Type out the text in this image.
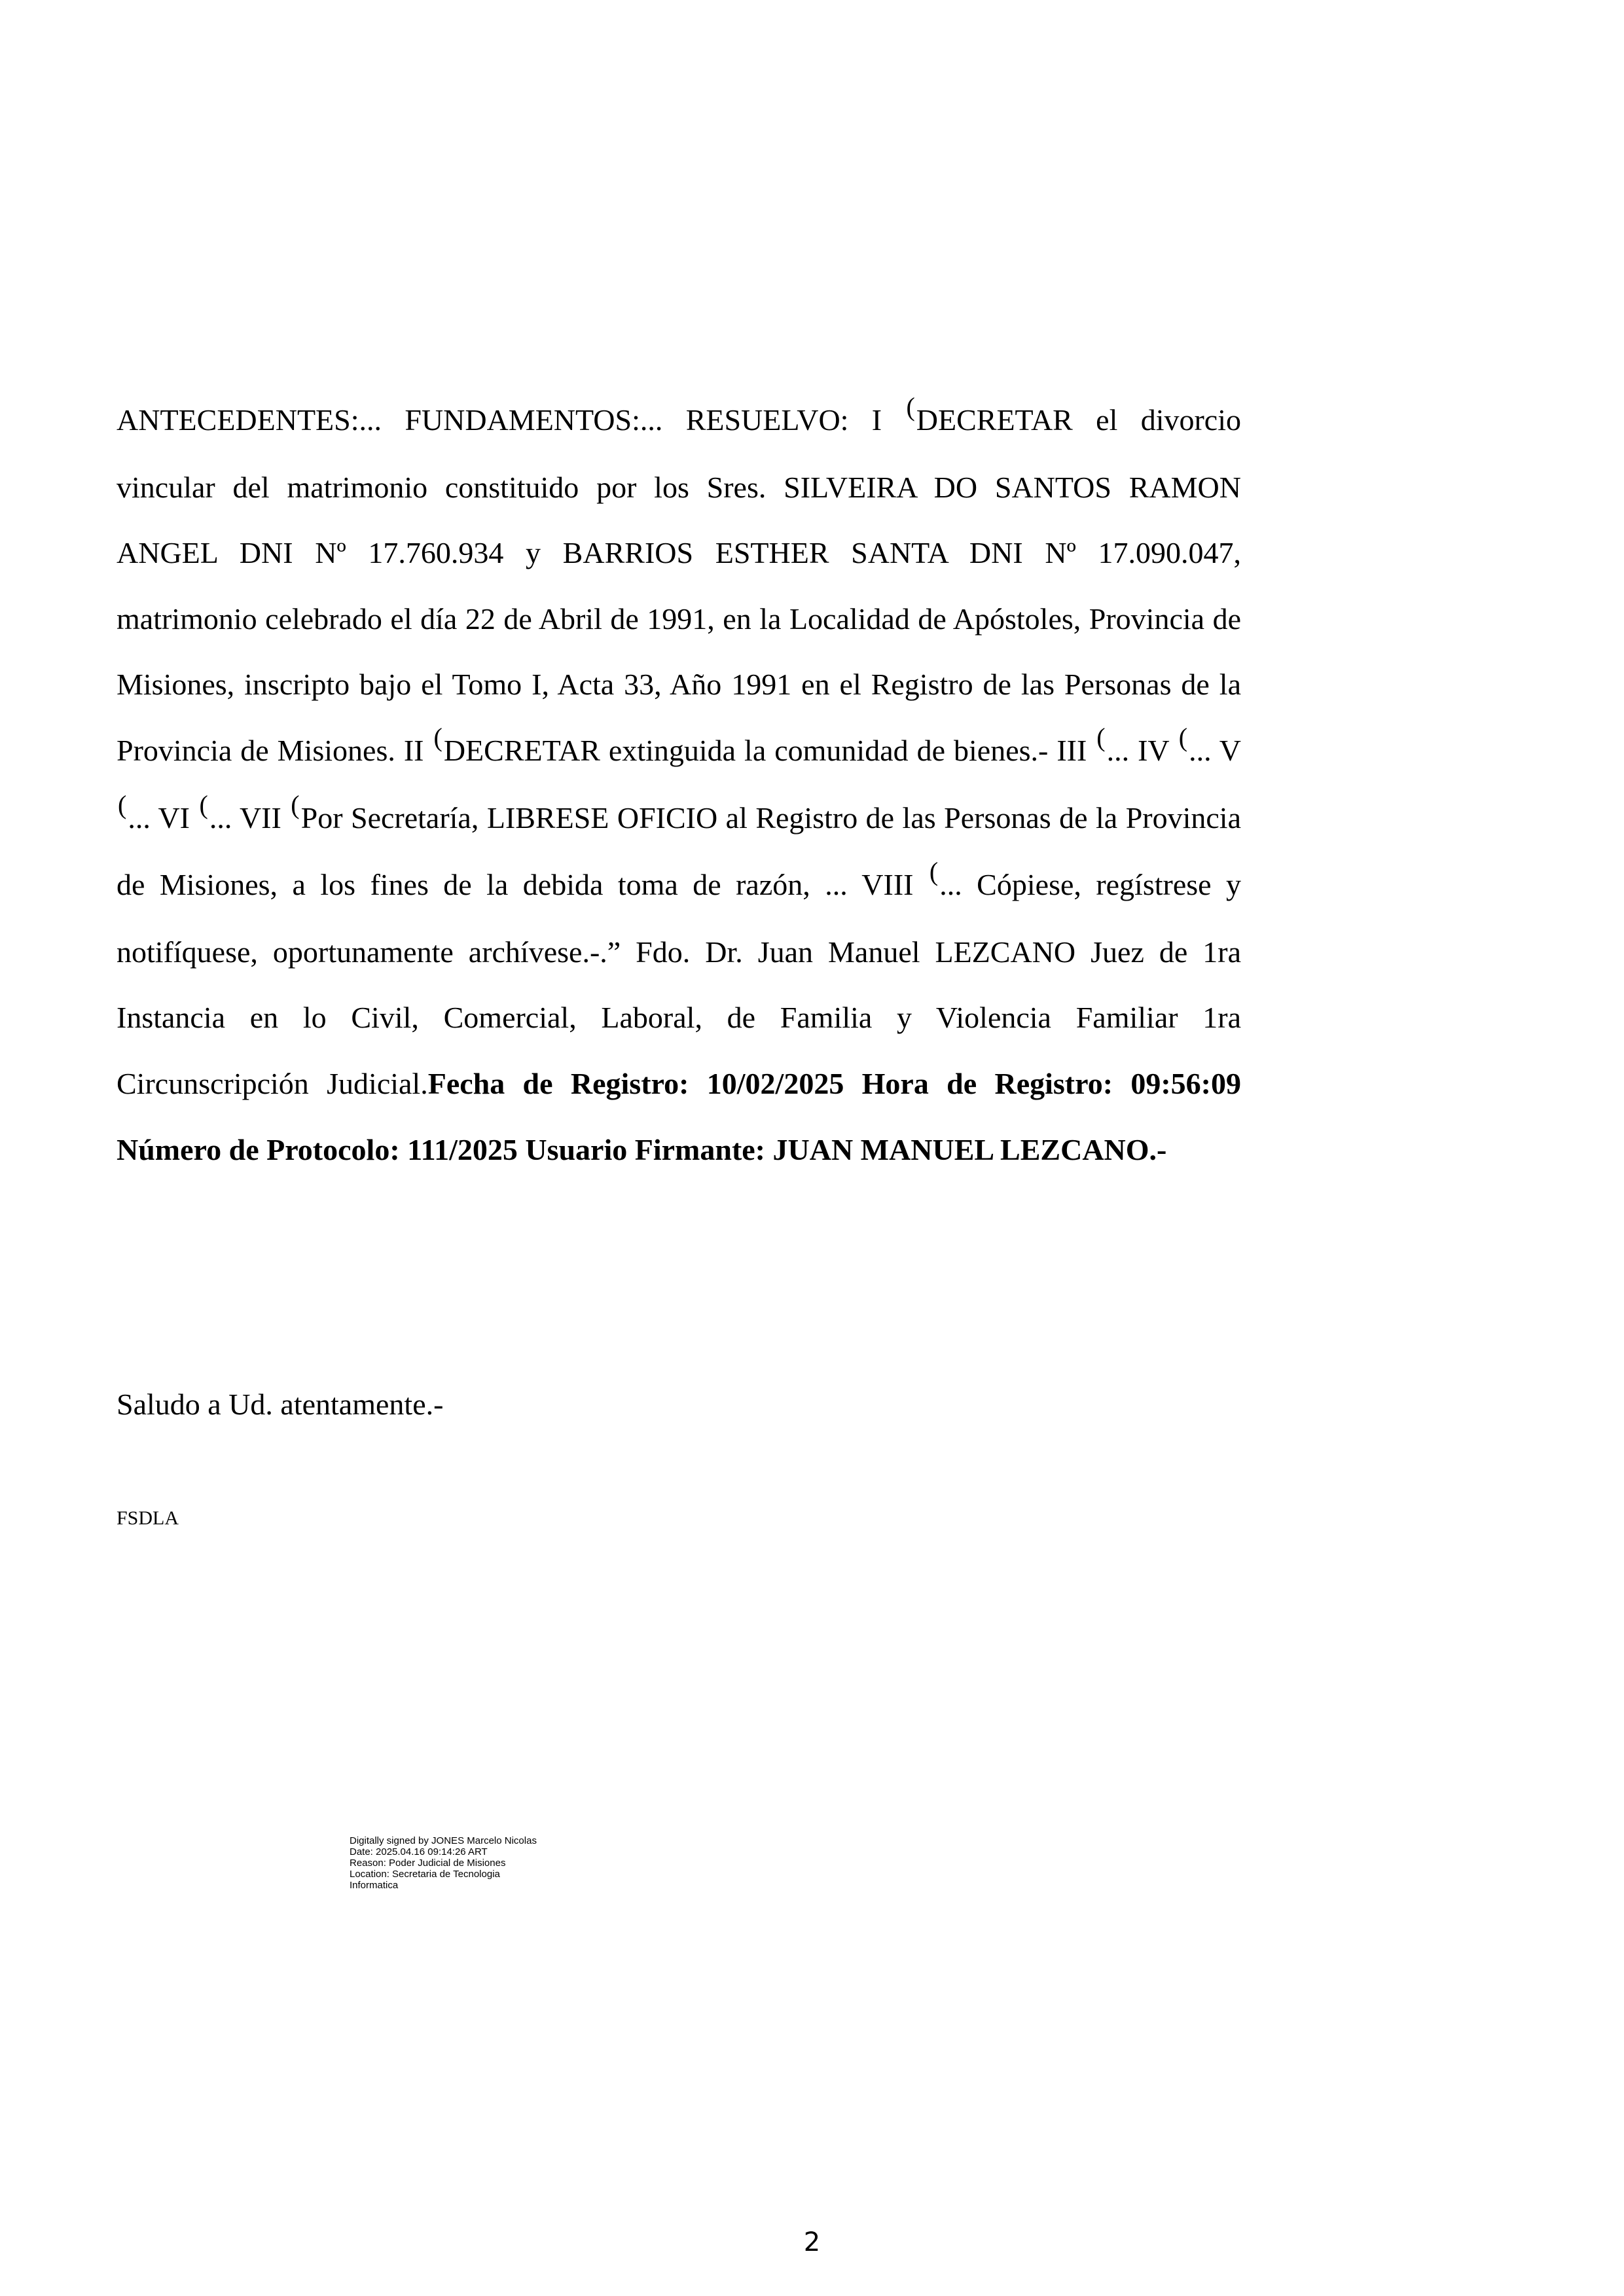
ANTECEDENTES:... FUNDAMENTOS:... RESUELVO: I (DECRETAR el divorcio vincular del matrimonio constituido por los Sres. SILVEIRA DO SANTOS RAMON ANGEL DNI Nº 17.760.934 y BARRIOS ESTHER SANTA DNI Nº 17.090.047, matrimonio celebrado el día 22 de Abril de 1991, en la Localidad de Apóstoles, Provincia de Misiones, inscripto bajo el Tomo I, Acta 33, Año 1991 en el Registro de las Personas de la Provincia de Misiones. II (DECRETAR extinguida la comunidad de bienes.- III (... IV (... V (... VI (... VII (Por Secretaría, LIBRESE OFICIO al Registro de las Personas de la Provincia de Misiones, a los fines de la debida toma de razón, ... VIII (... Cópiese, regístrese y notifíquese, oportunamente archívese.-.” Fdo. Dr. Juan Manuel LEZCANO Juez de 1ra Instancia en lo Civil, Comercial, Laboral, de Familia y Violencia Familiar 1ra Circunscripción Judicial.Fecha de Registro: 10/02/2025 Hora de Registro: 09:56:09 Número de Protocolo: 111/2025 Usuario Firmante: JUAN MANUEL LEZCANO.-

Saludo a Ud. atentamente.-

FSDLA

Digitally signed by JONES Marcelo Nicolas
Date: 2025.04.16 09:14:26 ART
Reason: Poder Judicial de Misiones
Location: Secretaria de Tecnologia
Informatica

2
